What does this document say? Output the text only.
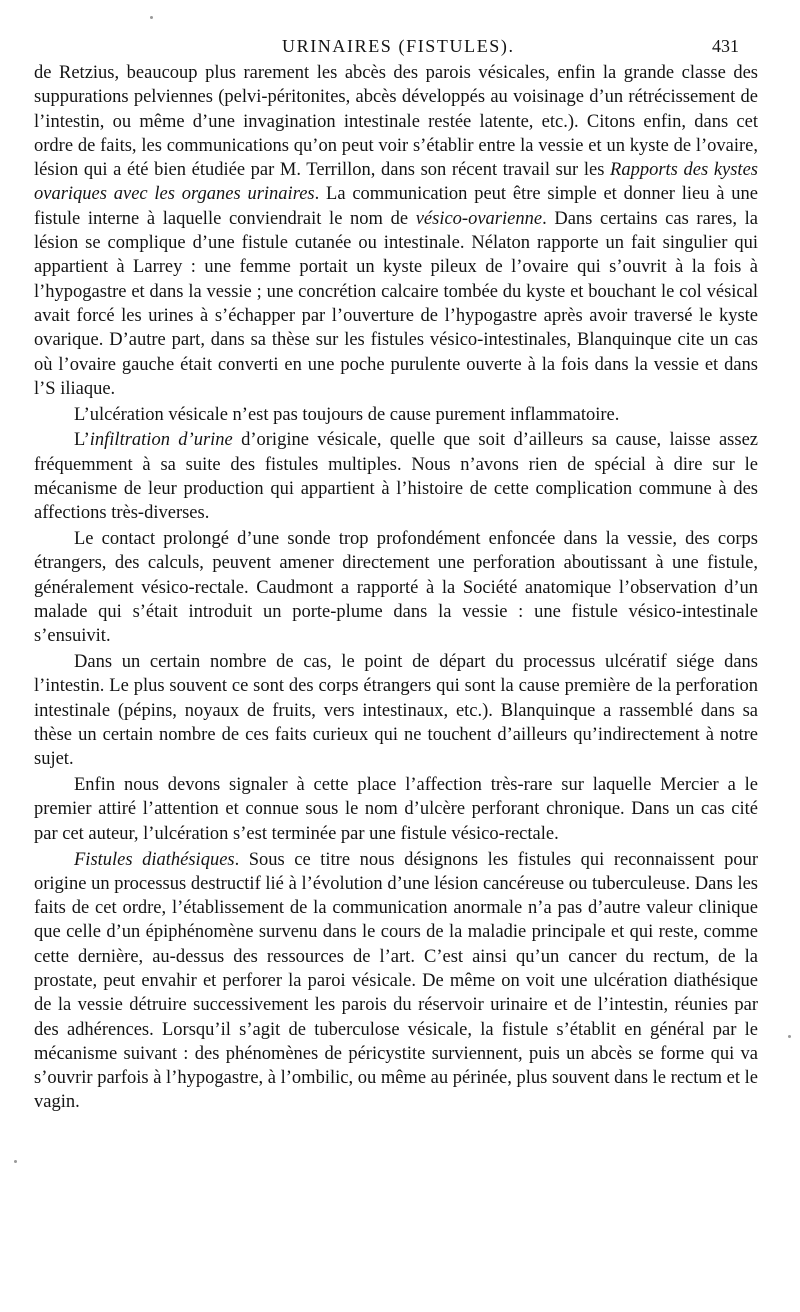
URINAIRES (FISTULES).	431

de Retzius, beaucoup plus rarement les abcès des parois vésicales, enfin la grande classe des suppurations pelviennes (pelvi-péritonites, abcès développés au voisinage d’un rétrécissement de l’intestin, ou même d’une invagination intestinale restée latente, etc.). Citons enfin, dans cet ordre de faits, les communications qu’on peut voir s’établir entre la vessie et un kyste de l’ovaire, lésion qui a été bien étudiée par M. Terrillon, dans son récent travail sur les Rapports des kystes ovariques avec les organes urinaires. La communication peut être simple et donner lieu à une fistule interne à laquelle conviendrait le nom de vésico-ovarienne. Dans certains cas rares, la lésion se complique d’une fistule cutanée ou intestinale. Nélaton rapporte un fait singulier qui appartient à Larrey : une femme portait un kyste pileux de l’ovaire qui s’ouvrit à la fois à l’hypogastre et dans la vessie ; une concrétion calcaire tombée du kyste et bouchant le col vésical avait forcé les urines à s’échapper par l’ouverture de l’hypogastre après avoir traversé le kyste ovarique. D’autre part, dans sa thèse sur les fistules vésico-intestinales, Blanquinque cite un cas où l’ovaire gauche était converti en une poche purulente ouverte à la fois dans la vessie et dans l’S iliaque.

L’ulcération vésicale n’est pas toujours de cause purement inflammatoire.

L’infiltration d’urine d’origine vésicale, quelle que soit d’ailleurs sa cause, laisse assez fréquemment à sa suite des fistules multiples. Nous n’avons rien de spécial à dire sur le mécanisme de leur production qui appartient à l’histoire de cette complication commune à des affections très-diverses.

Le contact prolongé d’une sonde trop profondément enfoncée dans la vessie, des corps étrangers, des calculs, peuvent amener directement une perforation aboutissant à une fistule, généralement vésico-rectale. Caudmont a rapporté à la Société anatomique l’observation d’un malade qui s’était introduit un porte-plume dans la vessie : une fistule vésico-intestinale s’ensuivit.

Dans un certain nombre de cas, le point de départ du processus ulcératif siége dans l’intestin. Le plus souvent ce sont des corps étrangers qui sont la cause première de la perforation intestinale (pépins, noyaux de fruits, vers intestinaux, etc.). Blanquinque a rassemblé dans sa thèse un certain nombre de ces faits curieux qui ne touchent d’ailleurs qu’indirectement à notre sujet.

Enfin nous devons signaler à cette place l’affection très-rare sur laquelle Mercier a le premier attiré l’attention et connue sous le nom d’ulcère perforant chronique. Dans un cas cité par cet auteur, l’ulcération s’est terminée par une fistule vésico-rectale.

Fistules diathésiques. Sous ce titre nous désignons les fistules qui reconnaissent pour origine un processus destructif lié à l’évolution d’une lésion cancéreuse ou tuberculeuse. Dans les faits de cet ordre, l’établissement de la communication anormale n’a pas d’autre valeur clinique que celle d’un épiphénomène survenu dans le cours de la maladie principale et qui reste, comme cette dernière, au-dessus des ressources de l’art. C’est ainsi qu’un cancer du rectum, de la prostate, peut envahir et perforer la paroi vésicale. De même on voit une ulcération diathésique de la vessie détruire successivement les parois du réservoir urinaire et de l’intestin, réunies par des adhérences. Lorsqu’il s’agit de tuberculose vésicale, la fistule s’établit en général par le mécanisme suivant : des phénomènes de péricystite surviennent, puis un abcès se forme qui va s’ouvrir parfois à l’hypogastre, à l’ombilic, ou même au périnée, plus souvent dans le rectum et le vagin.
